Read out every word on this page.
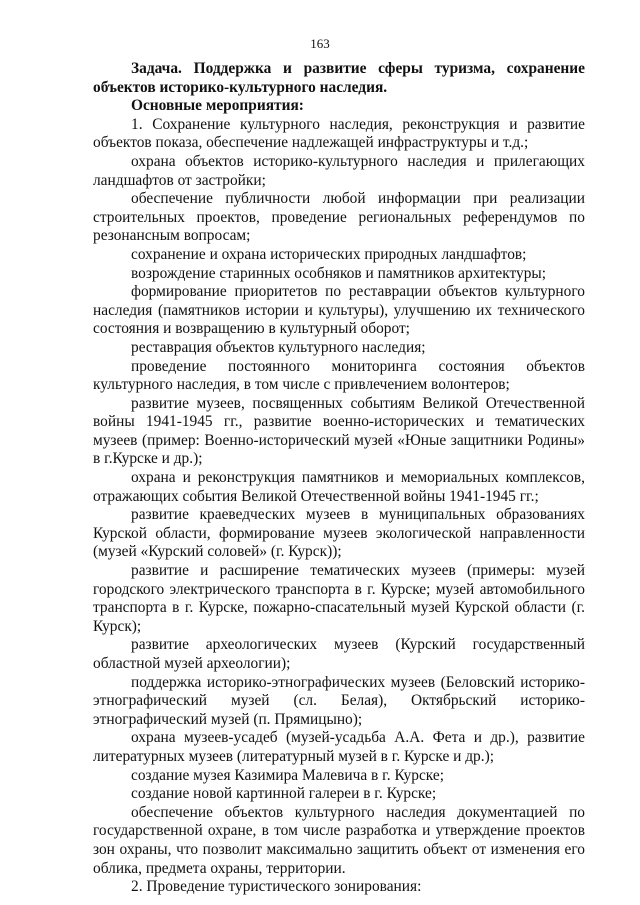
163

Задача. Поддержка и развитие сферы туризма, сохранение объектов историко-культурного наследия.

Основные мероприятия:

1. Сохранение культурного наследия, реконструкция и развитие объектов показа, обеспечение надлежащей инфраструктуры и т.д.;

охрана объектов историко-культурного наследия и прилегающих ландшафтов от застройки;

обеспечение публичности любой информации при реализации строительных проектов, проведение региональных референдумов по резонансным вопросам;

сохранение и охрана исторических природных ландшафтов;

возрождение старинных особняков и памятников архитектуры;

формирование приоритетов по реставрации объектов культурного наследия (памятников истории и культуры), улучшению их технического состояния и возвращению в культурный оборот;

реставрация объектов культурного наследия;

проведение постоянного мониторинга состояния объектов культурного наследия, в том числе с привлечением волонтеров;

развитие музеев, посвященных событиям Великой Отечественной войны 1941-1945 гг., развитие военно-исторических и тематических музеев (пример: Военно-исторический музей «Юные защитники Родины» в г.Курске и др.);

охрана и реконструкция памятников и мемориальных комплексов, отражающих события Великой Отечественной войны 1941-1945 гг.;

развитие краеведческих музеев в муниципальных образованиях Курской области, формирование музеев экологической направленности (музей «Курский соловей» (г. Курск));

развитие и расширение тематических музеев (примеры: музей городского электрического транспорта в г. Курске; музей автомобильного транспорта в г. Курске, пожарно-спасательный музей Курской области (г. Курск);

развитие археологических музеев (Курский государственный областной музей археологии);

поддержка историко-этнографических музеев (Беловский историко-этнографический музей (сл. Белая), Октябрьский историко-этнографический музей (п. Прямицыно);

охрана музеев-усадеб (музей-усадьба А.А. Фета и др.), развитие литературных музеев (литературный музей в г. Курске и др.);

создание музея Казимира Малевича в г. Курске;

создание новой картинной галереи в г. Курске;

обеспечение объектов культурного наследия документацией по государственной охране, в том числе разработка и утверждение проектов зон охраны, что позволит максимально защитить объект от изменения его облика, предмета охраны, территории.

2. Проведение туристического зонирования:
